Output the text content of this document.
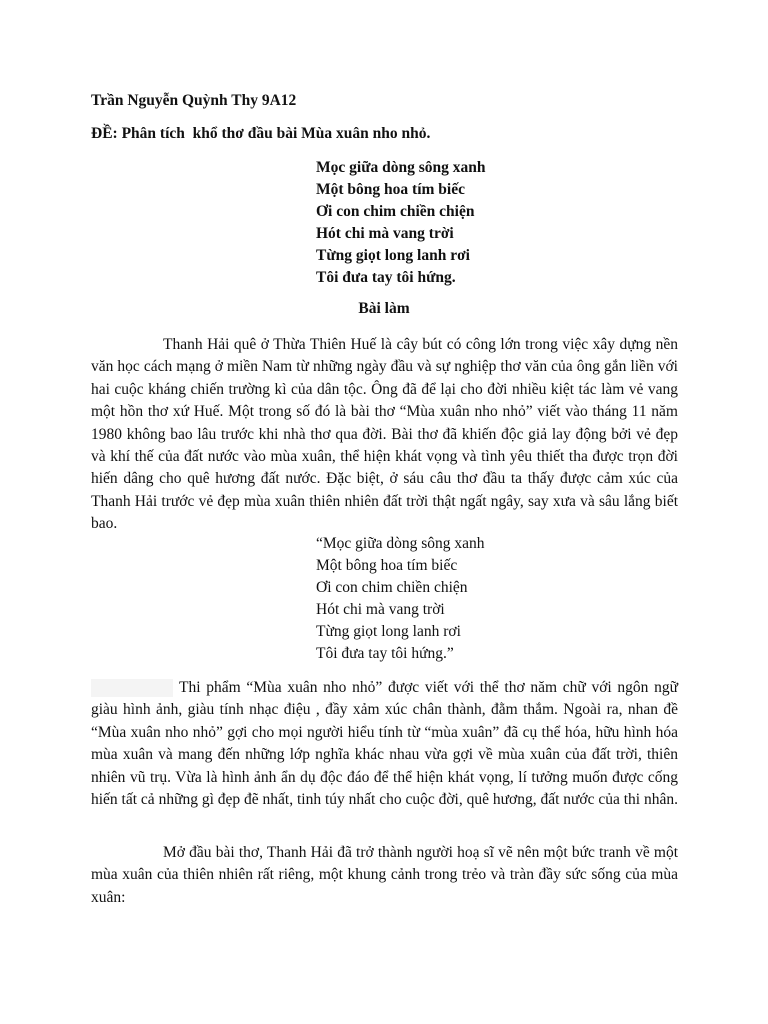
Trần Nguyễn Quỳnh Thy 9A12
ĐỀ: Phân tích  khổ thơ đầu bài Mùa xuân nho nhỏ.
Mọc giữa dòng sông xanh
Một bông hoa tím biếc
Ơi con chim chiền chiện
Hót chi mà vang trời
Từng giọt long lanh rơi
Tôi đưa tay tôi hứng.
Bài làm

Thanh Hải quê ở Thừa Thiên Huế là cây bút có công lớn trong việc xây dựng nền văn học cách mạng ở miền Nam từ những ngày đầu và sự nghiệp thơ văn của ông gắn liền với hai cuộc kháng chiến trường kì của dân tộc. Ông đã để lại cho đời nhiều kiệt tác làm vẻ vang một hồn thơ xứ Huế. Một trong số đó là bài thơ “Mùa xuân nho nhỏ” viết vào tháng 11 năm 1980 không bao lâu trước khi nhà thơ qua đời. Bài thơ đã khiến độc giả lay động bởi vẻ đẹp và khí thế của đất nước vào mùa xuân, thể hiện khát vọng và tình yêu thiết tha được trọn đời hiến dâng cho quê hương đất nước. Đặc biệt, ở sáu câu thơ đầu ta thấy được cảm xúc của Thanh Hải trước vẻ đẹp mùa xuân thiên nhiên đất trời thật ngất ngây, say xưa và sâu lắng biết bao.

“Mọc giữa dòng sông xanh
Một bông hoa tím biếc
Ơi con chim chiền chiện
Hót chi mà vang trời
Từng giọt long lanh rơi
Tôi đưa tay tôi hứng.”

Thi phẩm “Mùa xuân nho nhỏ” được viết với thể thơ năm chữ với ngôn ngữ giàu hình ảnh, giàu tính nhạc điệu , đầy xảm xúc chân thành, đằm thắm. Ngoài ra, nhan đề “Mùa xuân nho nhỏ” gợi cho mọi người hiểu tính từ “mùa xuân” đã cụ thể hóa, hữu hình hóa mùa xuân và mang đến những lớp nghĩa khác nhau vừa gợi về mùa xuân của đất trời, thiên nhiên vũ trụ. Vừa là hình ảnh ẩn dụ độc đáo để thể hiện khát vọng, lí tưởng muốn được cống hiến tất cả những gì đẹp đẽ nhất, tinh túy nhất cho cuộc đời, quê hương, đất nước của thi nhân.

Mở đầu bài thơ, Thanh Hải đã trở thành người hoạ sĩ vẽ nên một bức tranh về một mùa xuân của thiên nhiên rất riêng, một khung cảnh trong trẻo và tràn đầy sức sống của mùa xuân:
